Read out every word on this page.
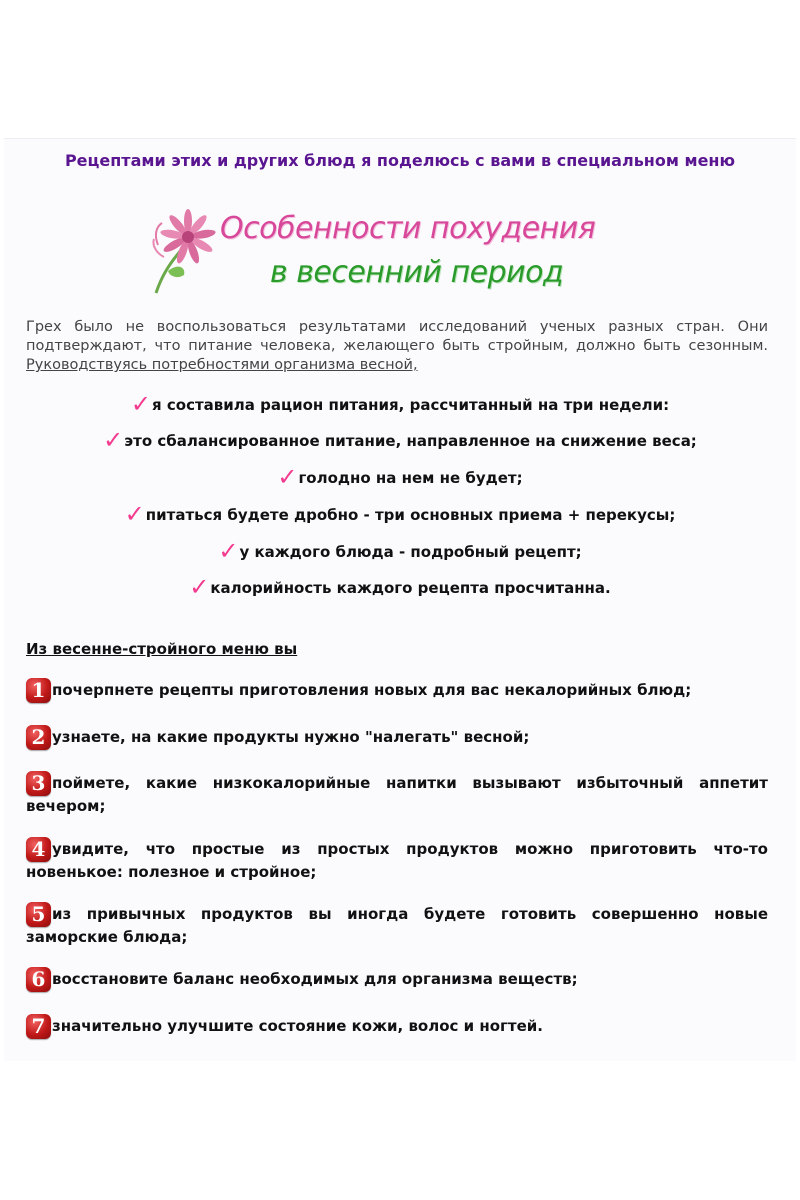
Рецептами этих и других блюд я поделюсь с вами в специальном меню
Особенности похудения
в весенний период
Грех было не воспользоваться результатами исследований ученых разных стран. Они подтверждают, что питание человека, желающего быть стройным, должно быть сезонным. Руководствуясь потребностями организма весной,
✓я составила рацион питания, рассчитанный на три недели:
✓это сбалансированное питание, направленное на снижение веса;
✓голодно на нем не будет;
✓питаться будете дробно - три основных приема + перекусы;
✓у каждого блюда - подробный рецепт;
✓калорийность каждого рецепта просчитанна.
Из весенне-стройного меню вы
1 почерпнете рецепты приготовления новых для вас некалорийных блюд;
2 узнаете, на какие продукты нужно "налегать" весной;
3 поймете, какие низкокалорийные напитки вызывают избыточный аппетит вечером;
4 увидите, что простые из простых продуктов можно приготовить что-то новенькое: полезное и стройное;
5 из привычных продуктов вы иногда будете готовить совершенно новые заморские блюда;
6 восстановите баланс необходимых для организма веществ;
7 значительно улучшите состояние кожи, волос и ногтей.
